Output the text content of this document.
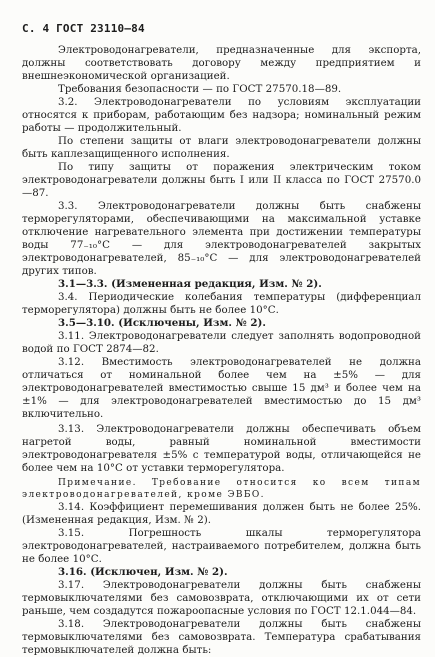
С. 4 ГОСТ 23110—84

Электроводонагреватели, предназначенные для экспорта, должны соответствовать договору между предприятием и внешнеэкономической организацией.

Требования безопасности — по ГОСТ 27570.18—89.

3.2. Электроводонагреватели по условиям эксплуатации относятся к приборам, работающим без надзора; номинальный режим работы — продолжительный.

По степени защиты от влаги электроводонагреватели должны быть каплезащищенного исполнения.

По типу защиты от поражения электрическим током электроводонагреватели должны быть I или II класса по ГОСТ 27570.0—87.

3.3. Электроводонагреватели должны быть снабжены терморегуляторами, обеспечивающими на максимальной уставке отключение нагревательного элемента при достижении температуры воды 77₋₁₀°С — для электроводонагревателей закрытых электроводонагревателей, 85₋₁₀°С — для электроводонагревателей других типов.

3.1—3.3. (Измененная редакция, Изм. № 2).

3.4. Периодические колебания температуры (дифференциал терморегулятора) должны быть не более 10°С.

3.5—3.10. (Исключены, Изм. № 2).

3.11. Электроводонагреватели следует заполнять водопроводной водой по ГОСТ 2874—82.

3.12. Вместимость электроводонагревателей не должна отличаться от номинальной более чем на ±5% — для электроводонагревателей вместимостью свыше 15 дм³ и более чем на ±1% — для электроводонагревателей вместимостью до 15 дм³ включительно.

3.13. Электроводонагреватели должны обеспечивать объем нагретой воды, равный номинальной вместимости электроводонагревателя ±5% с температурой воды, отличающейся не более чем на 10°С от уставки терморегулятора.

Примечание. Требование относится ко всем типам электроводонагревателей, кроме ЭВБО.

3.14. Коэффициент перемешивания должен быть не более 25%. (Измененная редакция, Изм. № 2).

3.15. Погрешность шкалы терморегулятора электроводонагревателей, настраиваемого потребителем, должна быть не более 10°С.

3.16. (Исключен, Изм. № 2).

3.17. Электроводонагреватели должны быть снабжены термовыключателями без самовозврата, отключающими их от сети раньше, чем создадутся пожароопасные условия по ГОСТ 12.1.044—84.

3.18. Электроводонагреватели должны быть снабжены термовыключателями без самовозврата. Температура срабатывания термовыключателей должна быть:
